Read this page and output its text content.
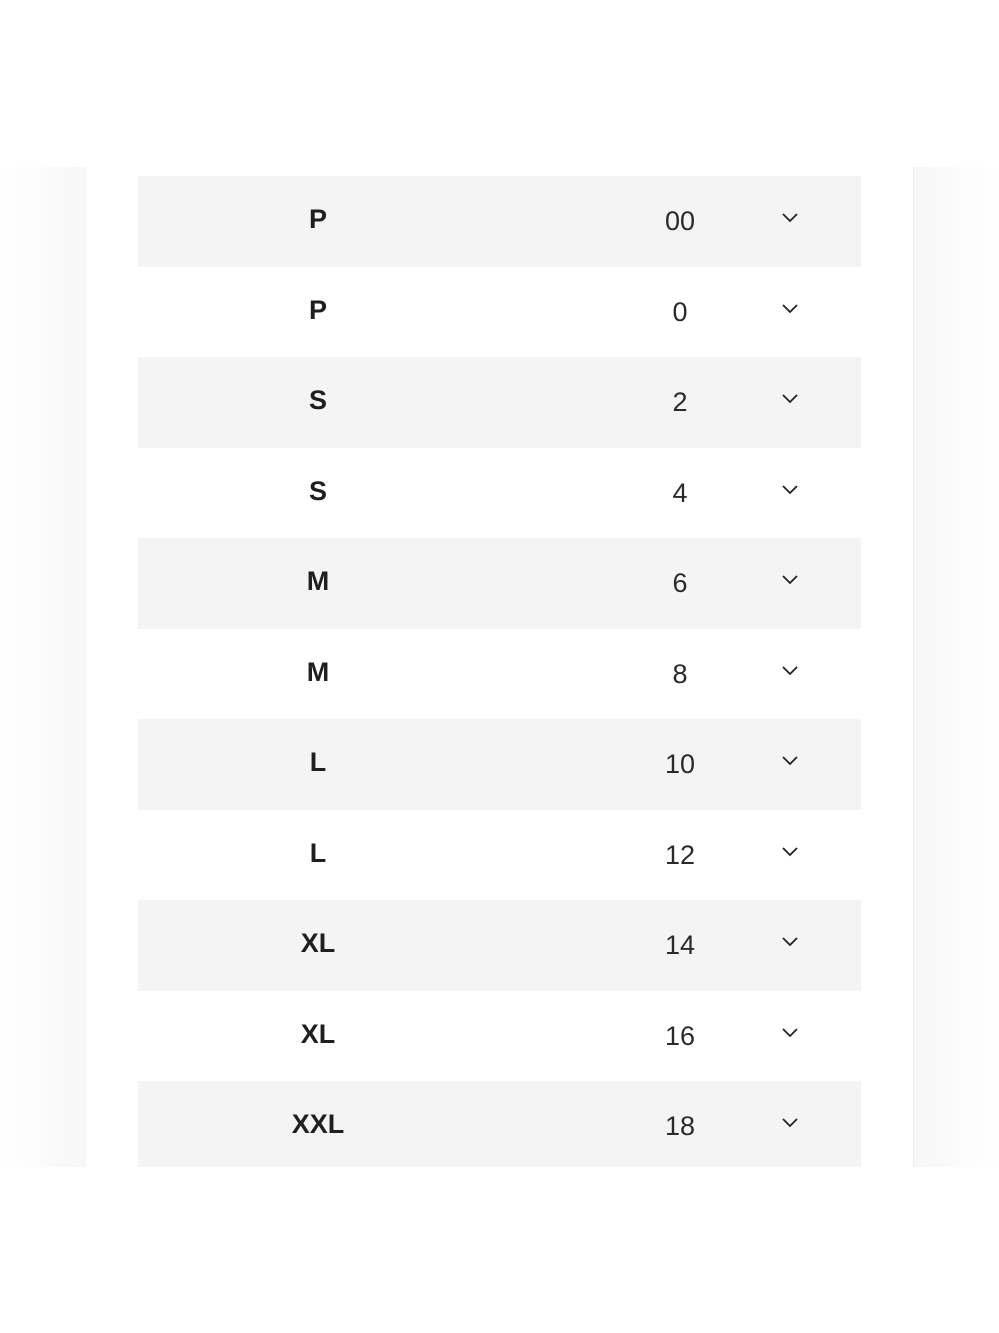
P	00
P	0
S	2
S	4
M	6
M	8
L	10
L	12
XL	14
XL	16
XXL	18
